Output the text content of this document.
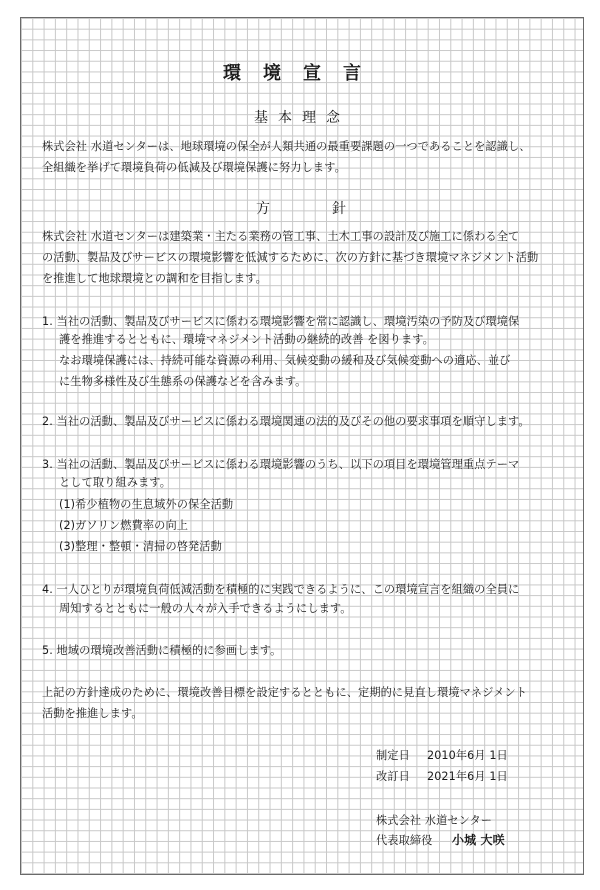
環境宣言
基本理念
株式会社 水道センターは、地球環境の保全が人類共通の最重要課題の一つであることを認識し、
全組織を挙げて環境負荷の低減及び環境保護に努力します。
方針
株式会社 水道センターは建築業・主たる業務の管工事、土木工事の設計及び施工に係わる全て
の活動、製品及びサービスの環境影響を低減するために、次の方針に基づき環境マネジメント活動
を推進して地球環境との調和を目指します。
1. 当社の活動、製品及びサービスに係わる環境影響を常に認識し、環境汚染の予防及び環境保
護を推進するとともに、環境マネジメント活動の継続的改善 を図ります。
なお環境保護には、持続可能な資源の利用、気候変動の緩和及び気候変動への適応、並び
に生物多様性及び生態系の保護などを含みます。
2. 当社の活動、製品及びサービスに係わる環境関連の法的及びその他の要求事項を順守します。
3. 当社の活動、製品及びサービスに係わる環境影響のうち、以下の項目を環境管理重点テーマ
として取り組みます。
(1)希少植物の生息域外の保全活動
(2)ガソリン燃費率の向上
(3)整理・整頓・清掃の啓発活動
4. 一人ひとりが環境負荷低減活動を積極的に実践できるように、この環境宣言を組織の全員に
周知するとともに一般の人々が入手できるようにします。
5. 地域の環境改善活動に積極的に参画します。
上記の方針達成のために、環境改善目標を設定するとともに、定期的に見直し環境マネジメント
活動を推進します。
制定日 2010年6月 1日
改訂日 2021年6月 1日
株式会社 水道センター
代表取締役 小城 大咲
